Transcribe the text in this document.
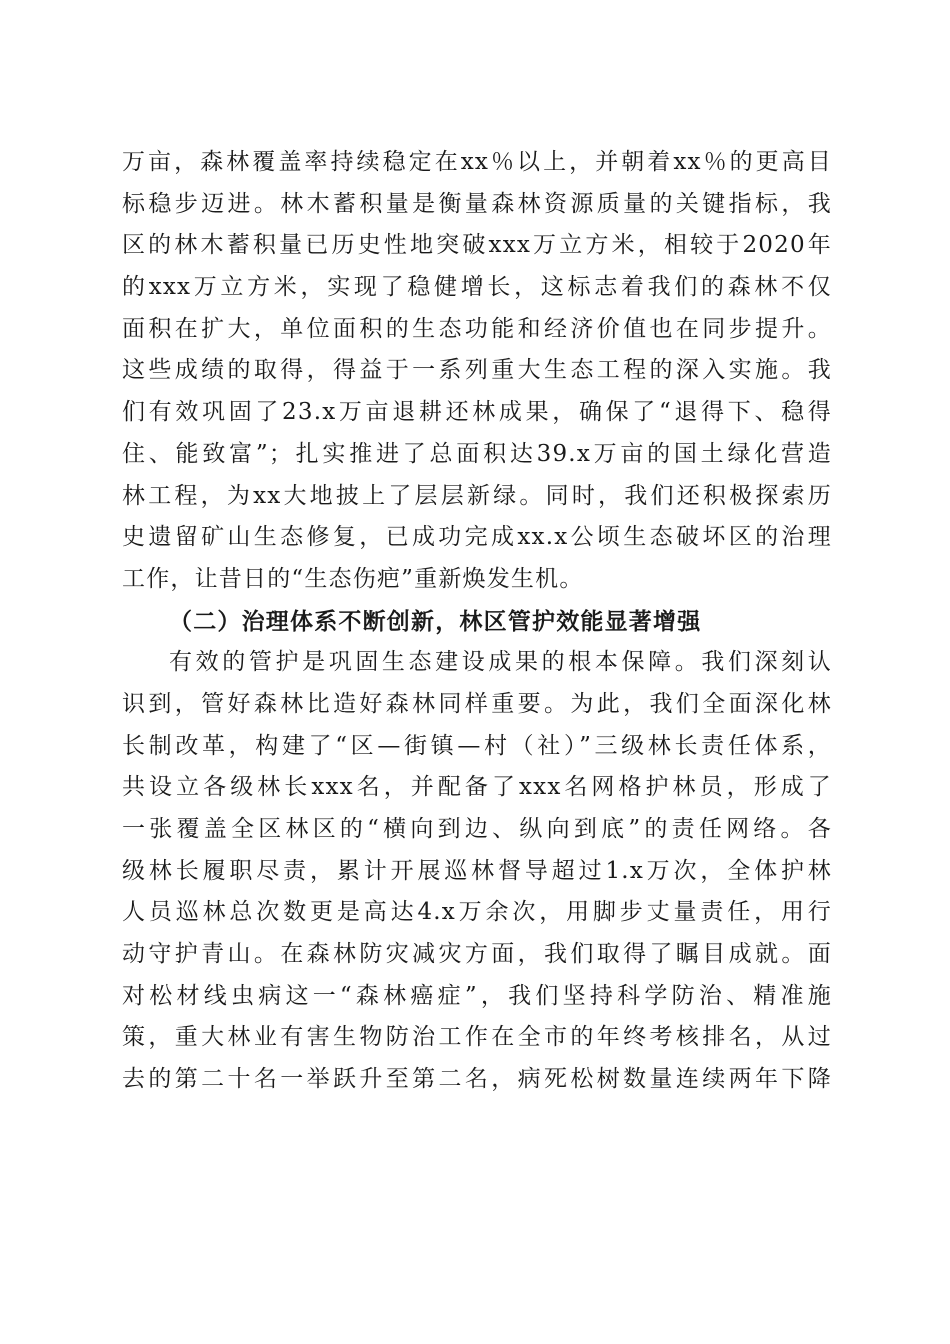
万亩，森林覆盖率持续稳定在xx％以上，并朝着xx％的更高目
标稳步迈进。林木蓄积量是衡量森林资源质量的关键指标，我
区的林木蓄积量已历史性地突破xxx万立方米，相较于2020年
的xxx万立方米，实现了稳健增长，这标志着我们的森林不仅
面积在扩大，单位面积的生态功能和经济价值也在同步提升。
这些成绩的取得，得益于一系列重大生态工程的深入实施。我
们有效巩固了23.x万亩退耕还林成果，确保了“退得下、稳得
住、能致富”；扎实推进了总面积达39.x万亩的国土绿化营造
林工程，为xx大地披上了层层新绿。同时，我们还积极探索历
史遗留矿山生态修复，已成功完成xx.x公顷生态破坏区的治理
工作，让昔日的“生态伤疤”重新焕发生机。
（二）治理体系不断创新，林区管护效能显著增强
有效的管护是巩固生态建设成果的根本保障。我们深刻认
识到，管好森林比造好森林同样重要。为此，我们全面深化林
长制改革，构建了“区—街镇—村（社）”三级林长责任体系，
共设立各级林长xxx名，并配备了xxx名网格护林员，形成了
一张覆盖全区林区的“横向到边、纵向到底”的责任网络。各
级林长履职尽责，累计开展巡林督导超过1.x万次，全体护林
人员巡林总次数更是高达4.x万余次，用脚步丈量责任，用行
动守护青山。在森林防灾减灾方面，我们取得了瞩目成就。面
对松材线虫病这一“森林癌症”，我们坚持科学防治、精准施
策，重大林业有害生物防治工作在全市的年终考核排名，从过
去的第二十名一举跃升至第二名，病死松树数量连续两年下降
